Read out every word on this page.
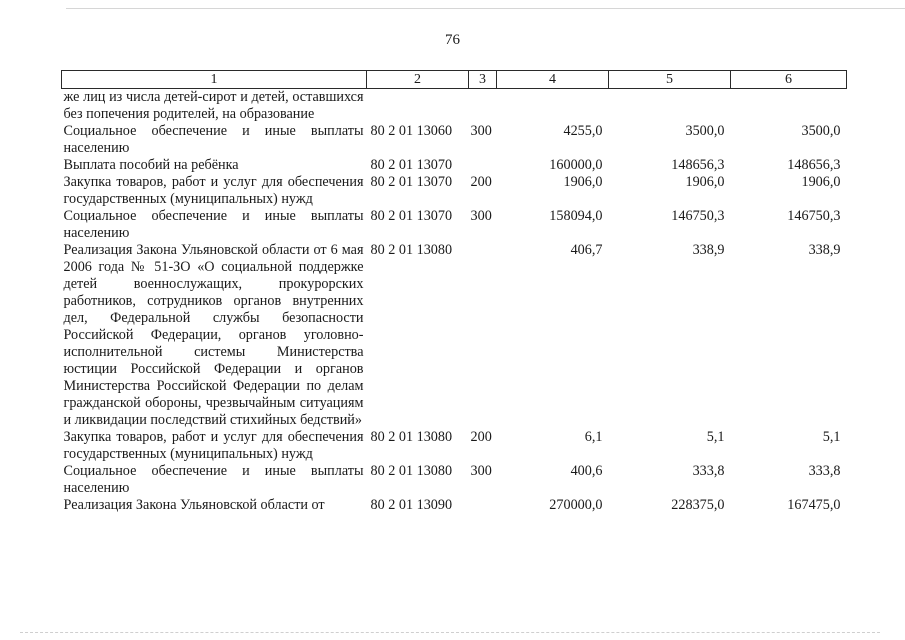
76
1	2	3	4	5	6
же лиц из числа детей-сирот и детей, оставшихся без попечения родителей, на образование					
Социальное обеспечение и иные выплаты населению	80 2 01 13060	300	4255,0	3500,0	3500,0
Выплата пособий на ребёнка	80 2 01 13070		160000,0	148656,3	148656,3
Закупка товаров, работ и услуг для обеспечения государственных (муниципальных) нужд	80 2 01 13070	200	1906,0	1906,0	1906,0
Социальное обеспечение и иные выплаты населению	80 2 01 13070	300	158094,0	146750,3	146750,3
Реализация Закона Ульяновской области от 6 мая 2006 года № 51-ЗО «О социальной поддержке детей военнослужащих, прокурорских работников, сотрудников органов внутренних дел, Федеральной службы безопасности Российской Федерации, органов уголовно-исполнительной системы Министерства юстиции Российской Федерации и органов Министерства Российской Федерации по делам гражданской обороны, чрезвычайным ситуациям и ликвидации последствий стихийных бедствий»	80 2 01 13080		406,7	338,9	338,9
Закупка товаров, работ и услуг для обеспечения государственных (муниципальных) нужд	80 2 01 13080	200	6,1	5,1	5,1
Социальное обеспечение и иные выплаты населению	80 2 01 13080	300	400,6	333,8	333,8
Реализация Закона Ульяновской области от	80 2 01 13090		270000,0	228375,0	167475,0
